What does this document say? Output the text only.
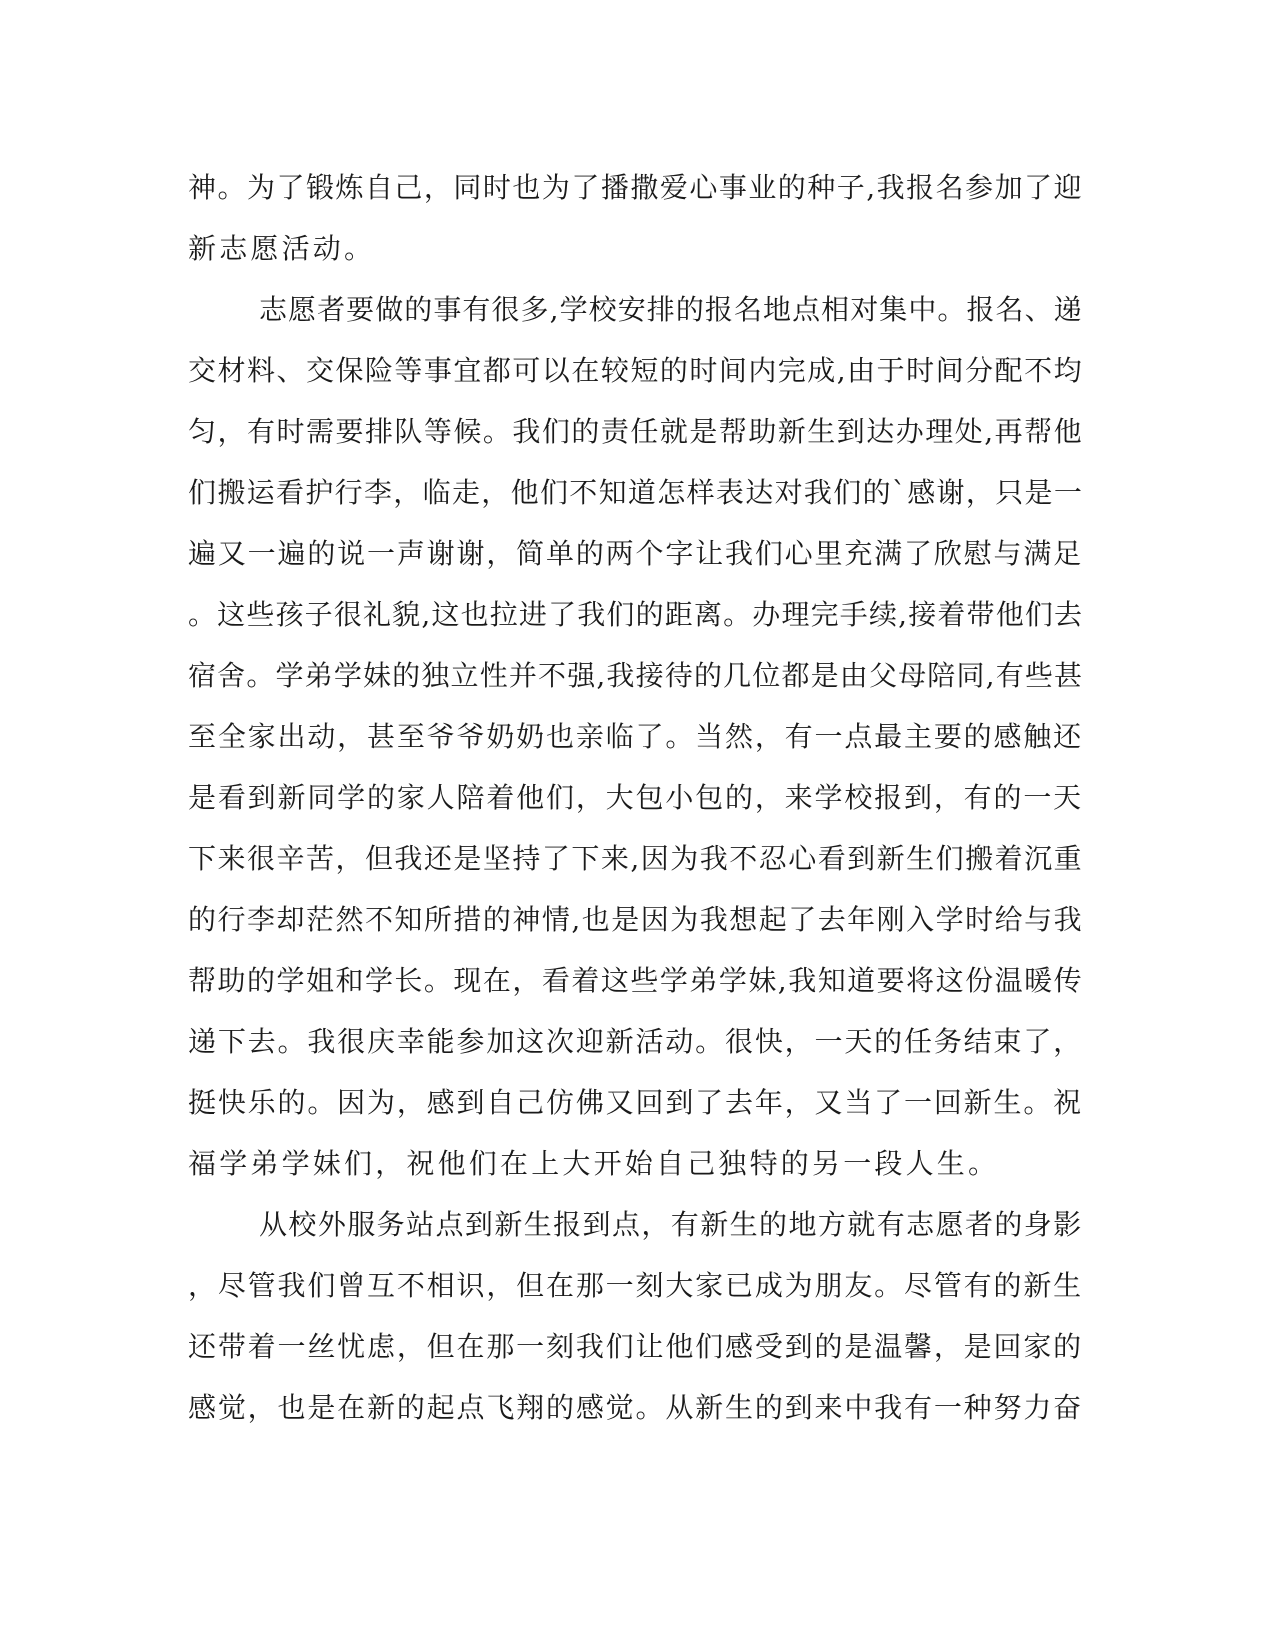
神。为了锻炼自己，同时也为了播撒爱心事业的种子,我报名参加了迎
新志愿活动。
志愿者要做的事有很多,学校安排的报名地点相对集中。报名、递
交材料、交保险等事宜都可以在较短的时间内完成,由于时间分配不均
匀，有时需要排队等候。我们的责任就是帮助新生到达办理处,再帮他
们搬运看护行李，临走，他们不知道怎样表达对我们的`感谢，只是一
遍又一遍的说一声谢谢，简单的两个字让我们心里充满了欣慰与满足
。这些孩子很礼貌,这也拉进了我们的距离。办理完手续,接着带他们去
宿舍。学弟学妹的独立性并不强,我接待的几位都是由父母陪同,有些甚
至全家出动，甚至爷爷奶奶也亲临了。当然，有一点最主要的感触还
是看到新同学的家人陪着他们，大包小包的，来学校报到，有的一天
下来很辛苦，但我还是坚持了下来,因为我不忍心看到新生们搬着沉重
的行李却茫然不知所措的神情,也是因为我想起了去年刚入学时给与我
帮助的学姐和学长。现在，看着这些学弟学妹,我知道要将这份温暖传
递下去。我很庆幸能参加这次迎新活动。很快，一天的任务结束了，
挺快乐的。因为，感到自己仿佛又回到了去年，又当了一回新生。祝
福学弟学妹们，祝他们在上大开始自己独特的另一段人生。
从校外服务站点到新生报到点，有新生的地方就有志愿者的身影
，尽管我们曾互不相识，但在那一刻大家已成为朋友。尽管有的新生
还带着一丝忧虑，但在那一刻我们让他们感受到的是温馨，是回家的
感觉，也是在新的起点飞翔的感觉。从新生的到来中我有一种努力奋
